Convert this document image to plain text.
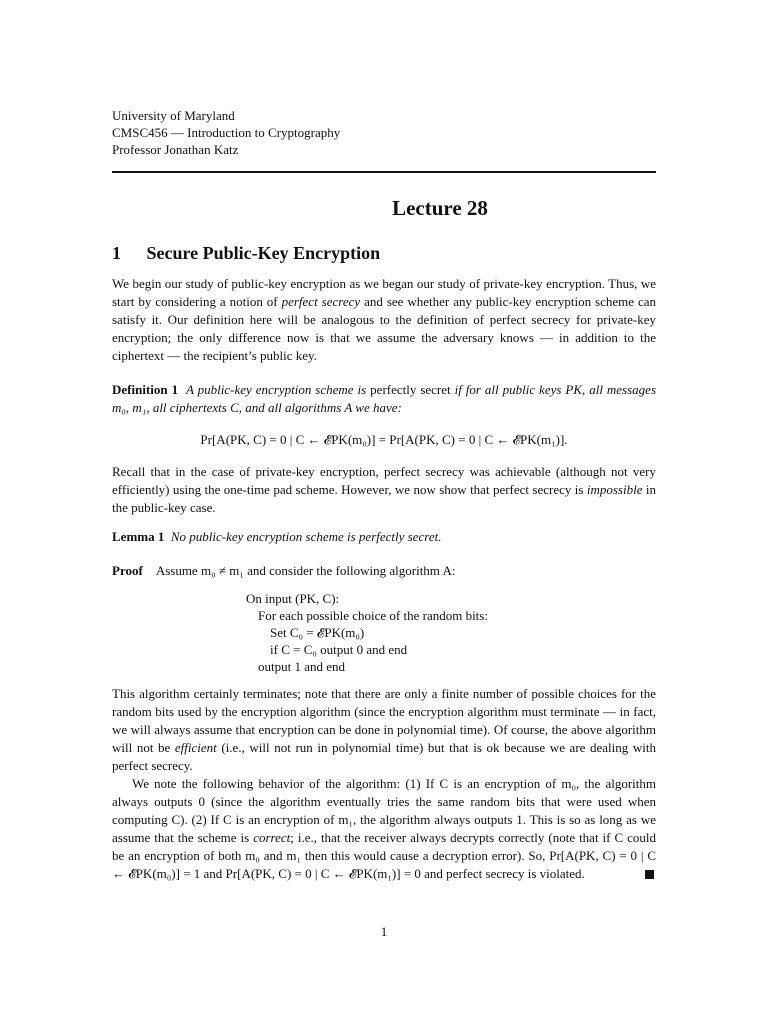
University of Maryland
CMSC456 — Introduction to Cryptography
Professor Jonathan Katz
Lecture 28
1 Secure Public-Key Encryption

We begin our study of public-key encryption as we began our study of private-key encryption. Thus, we start by considering a notion of perfect secrecy and see whether any public-key encryption scheme can satisfy it. Our definition here will be analogous to the definition of perfect secrecy for private-key encryption; the only difference now is that we assume the adversary knows — in addition to the ciphertext — the recipient’s public key.

Definition 1 A public-key encryption scheme is perfectly secret if for all public keys PK, all messages m₀, m₁, all ciphertexts C, and all algorithms A we have:

Pr[A(PK, C) = 0 | C ← 𝓔PK(m₀)] = Pr[A(PK, C) = 0 | C ← 𝓔PK(m₁)].

Recall that in the case of private-key encryption, perfect secrecy was achievable (although not very efficiently) using the one-time pad scheme. However, we now show that perfect secrecy is impossible in the public-key case.

Lemma 1 No public-key encryption scheme is perfectly secret.

Proof Assume m₀ ≠ m₁ and consider the following algorithm A:

On input (PK, C):
For each possible choice of the random bits:
Set C₀ = 𝓔PK(m₀)
if C = C₀ output 0 and end
output 1 and end

This algorithm certainly terminates; note that there are only a finite number of possible choices for the random bits used by the encryption algorithm (since the encryption algorithm must terminate — in fact, we will always assume that encryption can be done in polynomial time). Of course, the above algorithm will not be efficient (i.e., will not run in polynomial time) but that is ok because we are dealing with perfect secrecy.

We note the following behavior of the algorithm: (1) If C is an encryption of m₀, the algorithm always outputs 0 (since the algorithm eventually tries the same random bits that were used when computing C). (2) If C is an encryption of m₁, the algorithm always outputs 1. This is so as long as we assume that the scheme is correct; i.e., that the receiver always decrypts correctly (note that if C could be an encryption of both m₀ and m₁ then this would cause a decryption error). So, Pr[A(PK, C) = 0 | C ← 𝓔PK(m₀)] = 1 and Pr[A(PK, C) = 0 | C ← 𝓔PK(m₁)] = 0 and perfect secrecy is violated.

1
